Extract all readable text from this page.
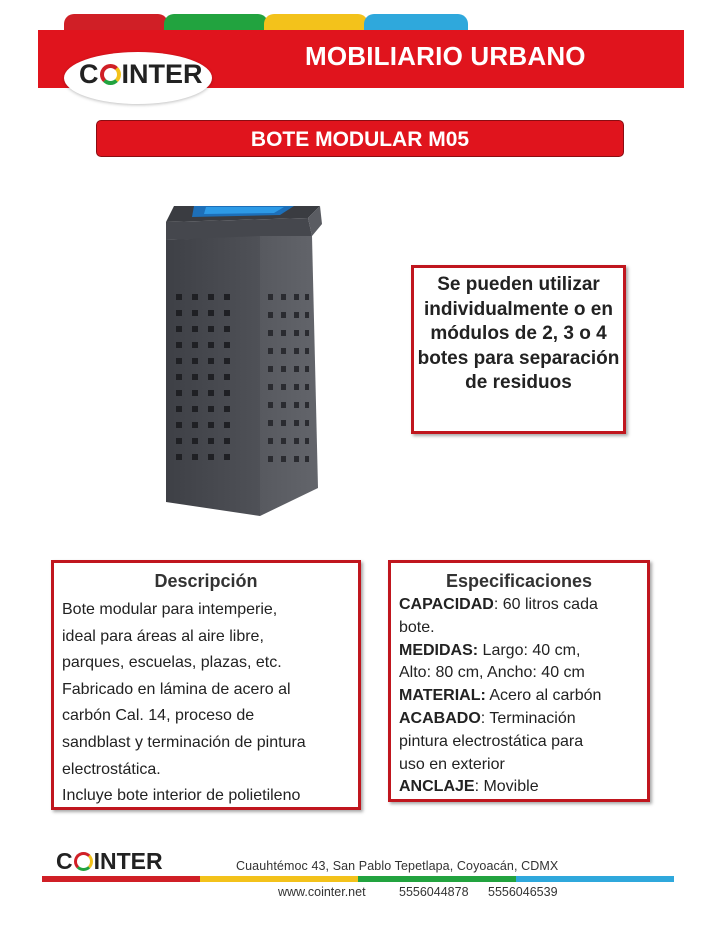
MOBILIARIO URBANO
C INTER
BOTE MODULAR M05
Se pueden utilizar individualmente o en módulos de 2, 3 o 4 botes para separación de residuos
Descripción
Bote modular para intemperie,
ideal para áreas al aire libre,
parques, escuelas, plazas, etc.
Fabricado en lámina de acero al
carbón Cal. 14, proceso de
sandblast y terminación de pintura
electrostática.
Incluye bote interior de polietileno
Especificaciones
CAPACIDAD: 60 litros cada
bote.
MEDIDAS: Largo: 40 cm,
Alto: 80 cm, Ancho: 40 cm
MATERIAL: Acero al carbón
ACABADO: Terminación
pintura electrostática para
uso en exterior
ANCLAJE: Movible
C INTER	Cuauhtémoc 43, San Pablo Tepetlapa, Coyoacán, CDMX
www.cointer.net	5556044878 5556046539
